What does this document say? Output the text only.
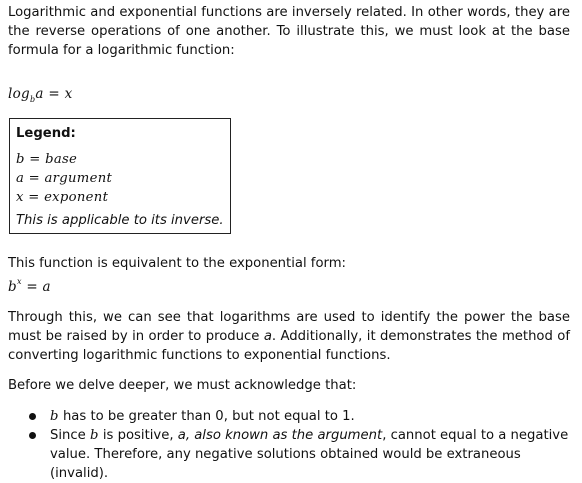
Logarithmic and exponential functions are inversely related. In other words, they are the reverse operations of one another. To illustrate this, we must look at the base formula for a logarithmic function:

$\log_ba = x$
Legend:
b = base
a = argument
x = exponent
This is applicable to its inverse.

This function is equivalent to the exponential form:

$b^x = a$

Through this, we can see that logarithms are used to identify the power the base must be raised by in order to produce a. Additionally, it demonstrates the method of converting logarithmic functions to exponential functions.

Before we delve deeper, we must acknowledge that:

b has to be greater than 0, but not equal to 1.
Since b is positive, a, also known as the argument, cannot equal to a negative value. Therefore, any negative solutions obtained would be extraneous (invalid).
